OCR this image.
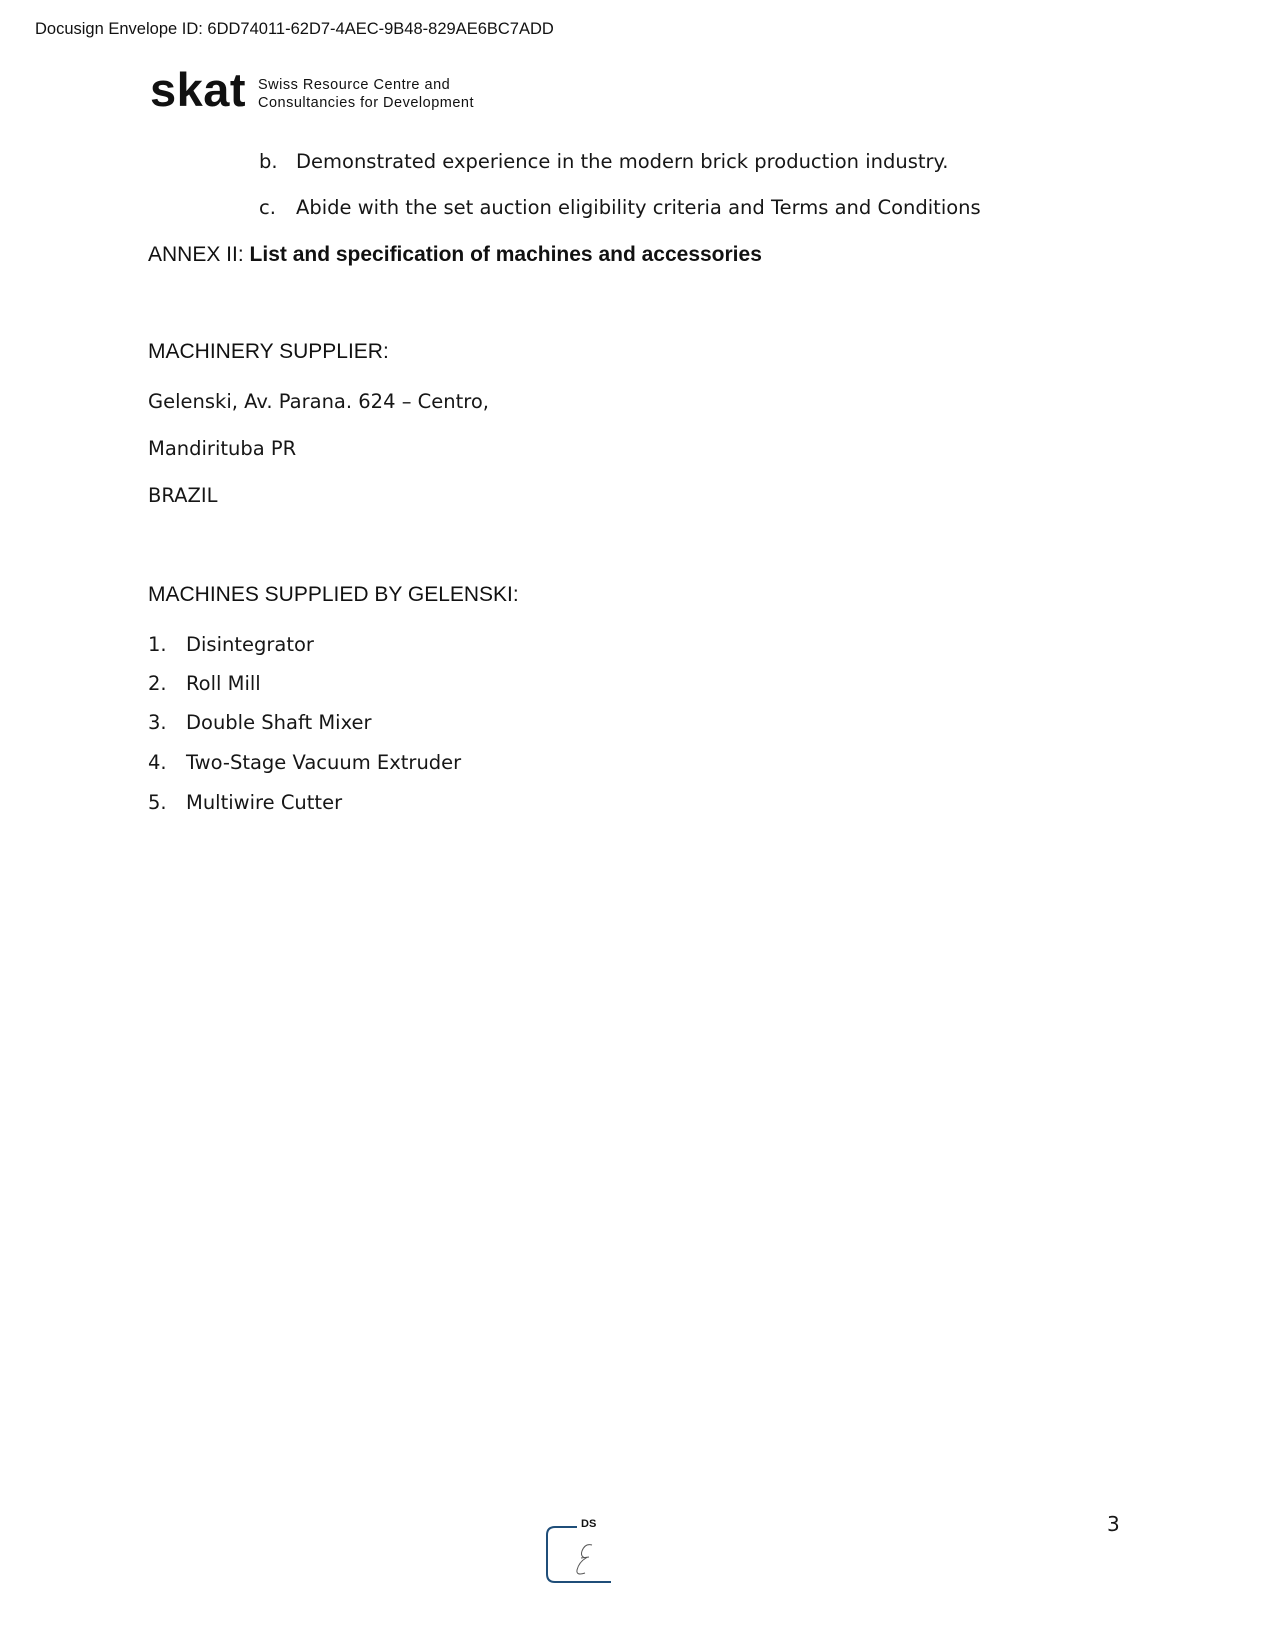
Docusign Envelope ID: 6DD74011-62D7-4AEC-9B48-829AE6BC7ADD
skat Swiss Resource Centre and
Consultancies for Development
b. Demonstrated experience in the modern brick production industry.
c. Abide with the set auction eligibility criteria and Terms and Conditions
ANNEX II: List and specification of machines and accessories
MACHINERY SUPPLIER:
Gelenski, Av. Parana. 624 – Centro,
Mandirituba PR
BRAZIL
MACHINES SUPPLIED BY GELENSKI:
1. Disintegrator
2. Roll Mill
3. Double Shaft Mixer
4. Two-Stage Vacuum Extruder
5. Multiwire Cutter
DS	3
